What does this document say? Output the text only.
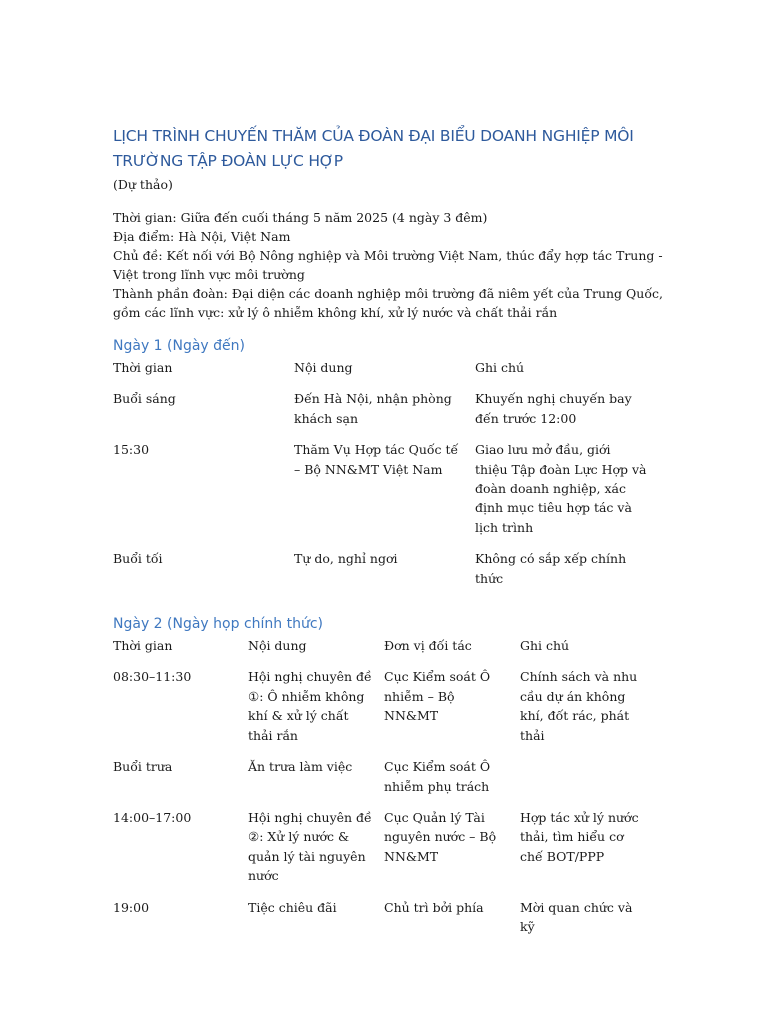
LỊCH TRÌNH CHUYẾN THĂM CỦA ĐOÀN ĐẠI BIỂU DOANH NGHIỆP MÔI TRƯỜNG TẬP ĐOÀN LỰC HỢP
(Dự thảo)

Thời gian: Giữa đến cuối tháng 5 năm 2025 (4 ngày 3 đêm)

Địa điểm: Hà Nội, Việt Nam

Chủ đề: Kết nối với Bộ Nông nghiệp và Môi trường Việt Nam, thúc đẩy hợp tác Trung - Việt trong lĩnh vực môi trường

Thành phần đoàn: Đại diện các doanh nghiệp môi trường đã niêm yết của Trung Quốc, gồm các lĩnh vực: xử lý ô nhiễm không khí, xử lý nước và chất thải rắn

Ngày 1 (Ngày đến)
Thời gian	Nội dung	Ghi chú

Buổi sáng	Đến Hà Nội, nhận phòng khách sạn	Khuyến nghị chuyến bay đến trước 12:00

15:30	Thăm Vụ Hợp tác Quốc tế – Bộ NN&MT Việt Nam	Giao lưu mở đầu, giới thiệu Tập đoàn Lực Hợp và đoàn doanh nghiệp, xác định mục tiêu hợp tác và lịch trình

Buổi tối	Tự do, nghỉ ngơi	Không có sắp xếp chính thức
Ngày 2 (Ngày họp chính thức)
Thời gian	Nội dung	Đơn vị đối tác	Ghi chú

08:30–11:30	Hội nghị chuyên đề ①: Ô nhiễm không khí & xử lý chất thải rắn	Cục Kiểm soát Ô nhiễm – Bộ NN&MT	Chính sách và nhu cầu dự án không khí, đốt rác, phát thải

Buổi trưa	Ăn trưa làm việc	Cục Kiểm soát Ô nhiễm phụ trách	

14:00–17:00	Hội nghị chuyên đề ②: Xử lý nước & quản lý tài nguyên nước	Cục Quản lý Tài nguyên nước – Bộ NN&MT	Hợp tác xử lý nước thải, tìm hiểu cơ chế BOT/PPP

19:00	Tiệc chiêu đãi	Chủ trì bởi phía	Mời quan chức và kỹ
